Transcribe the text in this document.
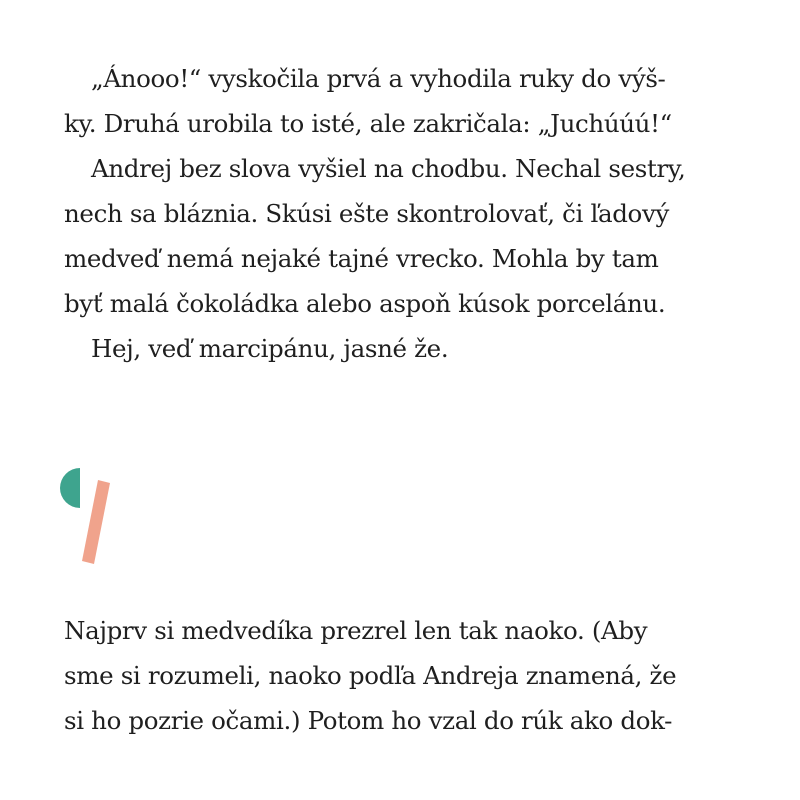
„Ánooo!“ vyskočila prvá a vyhodila ruky do výš-
ky. Druhá urobila to isté, ale zakričala: „Juchúúú!“
Andrej bez slova vyšiel na chodbu. Nechal sestry,
nech sa bláznia. Skúsi ešte skontrolovať, či ľadový
medveď nemá nejaké tajné vrecko. Mohla by tam
byť malá čokoládka alebo aspoň kúsok porcelánu.
Hej, veď marcipánu, jasné že.
Najprv si medvedíka prezrel len tak naoko. (Aby
sme si rozumeli, naoko podľa Andreja znamená, že
si ho pozrie očami.) Potom ho vzal do rúk ako dok-
